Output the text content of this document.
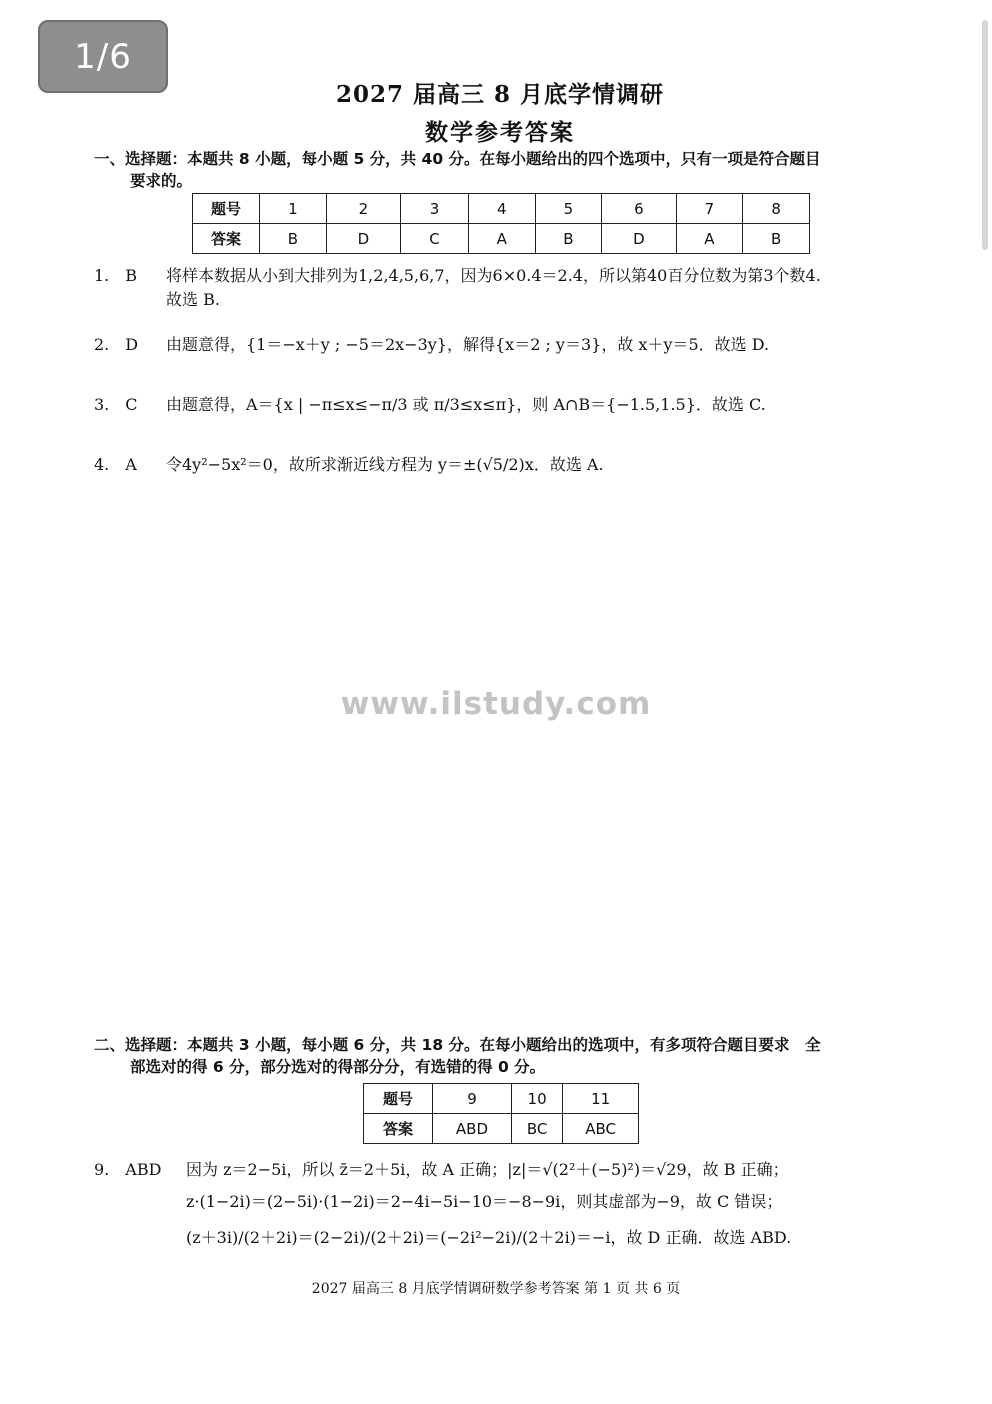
1/6
2027 届高三 8 月底学情调研
数学参考答案
一、选择题：本题共 8 小题，每小题 5 分，共 40 分。在每小题给出的四个选项中，只有一项是符合题目
要求的。
题号	1	2	3	4	5	6	7	8
答案	B	D	C	A	B	D	A	B
1.　B	将样本数据从小到大排列为1,2,4,5,6,7，因为6×0.4＝2.4，所以第40百分位数为第3个数4.
故选 B.
2.　D	由题意得，{1＝−x＋y ; −5＝2x−3y}，解得{x＝2 ; y＝3}，故 x＋y＝5．故选 D.
3.　C	由题意得，A＝{x | −π≤x≤−π/3 或 π/3≤x≤π}，则 A∩B＝{−1.5,1.5}．故选 C.
4.　A	令4y²−5x²＝0，故所求渐近线方程为 y＝±(√5/2)x．故选 A.
www.ilstudy.com
二、选择题：本题共 3 小题，每小题 6 分，共 18 分。在每小题给出的选项中，有多项符合题目要求　全
部选对的得 6 分，部分选对的得部分分，有选错的得 0 分。
题号	9	10	11
答案	ABD	BC	ABC
9.　ABD 因为 z＝2−5i，所以 z̄＝2＋5i，故 A 正确；|z|＝√(2²＋(−5)²)＝√29，故 B 正确；
z·(1−2i)＝(2−5i)·(1−2i)＝2−4i−5i−10＝−8−9i，则其虚部为−9，故 C 错误；
(z＋3i)/(2＋2i)＝(2−2i)/(2＋2i)＝(−2i²−2i)/(2＋2i)＝−i，故 D 正确．故选 ABD.
2027 届高三 8 月底学情调研数学参考答案 第 1 页 共 6 页
